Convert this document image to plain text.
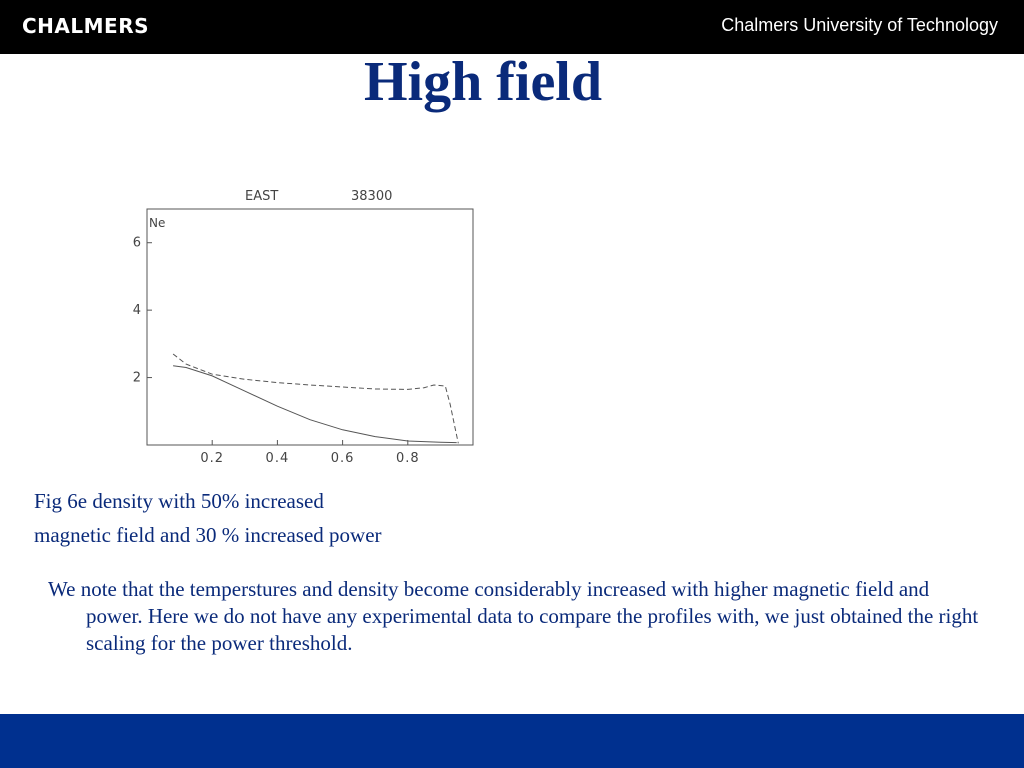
CHALMERS	Chalmers University of Technology
High field
EAST	38300
Ne
0.2	0.4	0.6	0.8
2
4
6
Fig 6e density with 50% increased
magnetic field and 30 % increased power
We note that the temperstures and density become considerably increased with higher magnetic field and power. Here we do not have any experimental data to compare the profiles with, we just obtained the right scaling for the power threshold.
